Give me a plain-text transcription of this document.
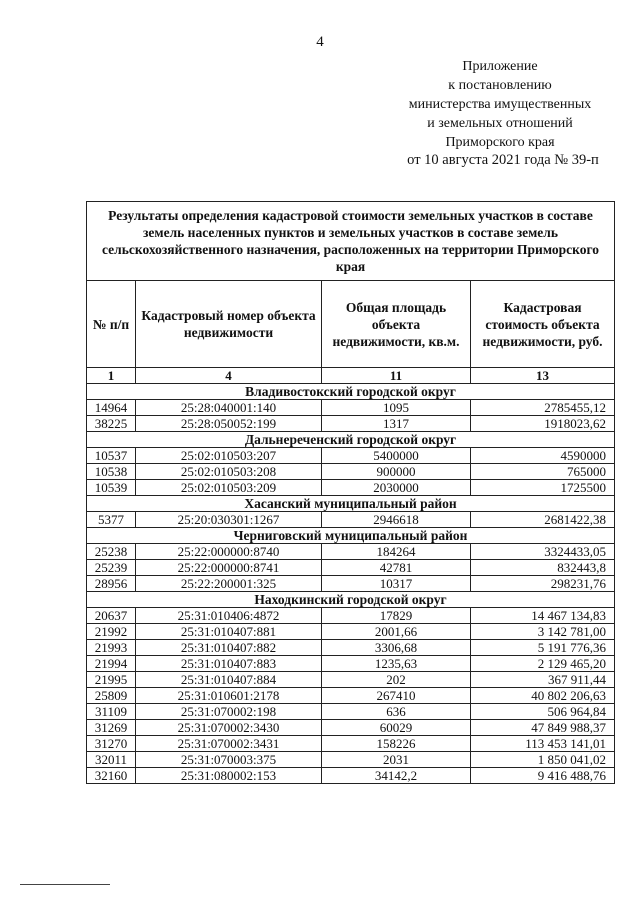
4
Приложение
к постановлению
министерства имущественных
и земельных отношений
Приморского края
от 10 августа 2021 года № 39-п
Результаты определения кадастровой стоимости земельных участков в составе земель населенных пунктов и земельных участков в составе земель сельскохозяйственного назначения, расположенных на территории Приморского края			
№ п/п	Кадастровый номер объекта недвижимости	Общая площадь объекта недвижимости, кв.м.	Кадастровая стоимость объекта недвижимости, руб.
1	4	11	13
Владивостокский городской округ			
14964	25:28:040001:140	1095	2785455,12
38225	25:28:050052:199	1317	1918023,62
Дальнереченский городской округ			
10537	25:02:010503:207	5400000	4590000
10538	25:02:010503:208	900000	765000
10539	25:02:010503:209	2030000	1725500
Хасанский муниципальный район			
5377	25:20:030301:1267	2946618	2681422,38
Черниговский муниципальный район			
25238	25:22:000000:8740	184264	3324433,05
25239	25:22:000000:8741	42781	832443,8
28956	25:22:200001:325	10317	298231,76
Находкинский городской округ			
20637	25:31:010406:4872	17829	14 467 134,83
21992	25:31:010407:881	2001,66	3 142 781,00
21993	25:31:010407:882	3306,68	5 191 776,36
21994	25:31:010407:883	1235,63	2 129 465,20
21995	25:31:010407:884	202	367 911,44
25809	25:31:010601:2178	267410	40 802 206,63
31109	25:31:070002:198	636	506 964,84
31269	25:31:070002:3430	60029	47 849 988,37
31270	25:31:070002:3431	158226	113 453 141,01
32011	25:31:070003:375	2031	1 850 041,02
32160	25:31:080002:153	34142,2	9 416 488,76
